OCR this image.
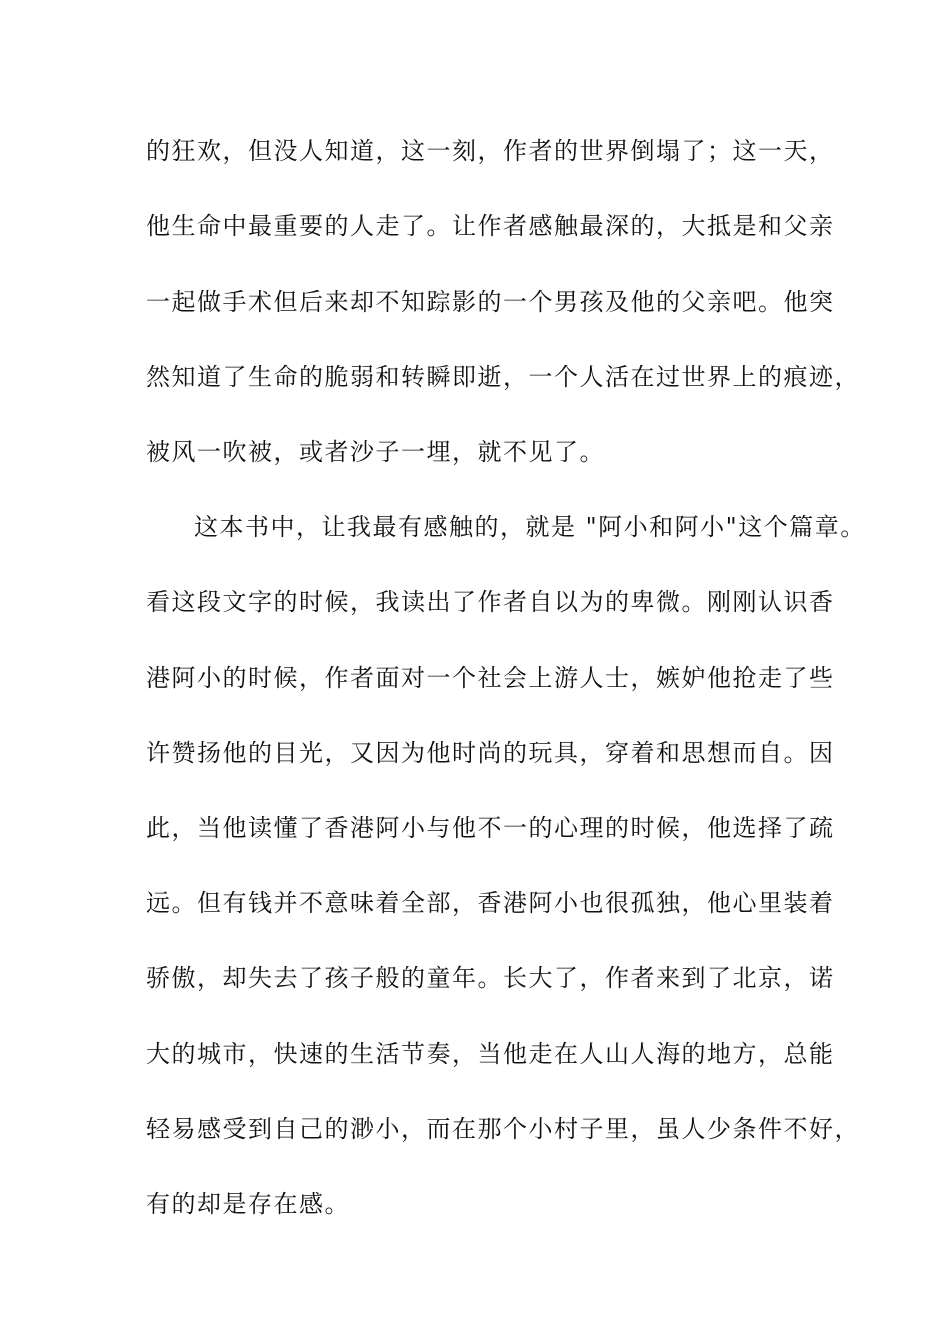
的狂欢，但没人知道，这一刻，作者的世界倒塌了；这一天，
他生命中最重要的人走了。让作者感触最深的，大抵是和父亲
一起做手术但后来却不知踪影的一个男孩及他的父亲吧。他突
然知道了生命的脆弱和转瞬即逝，一个人活在过世界上的痕迹，
被风一吹被，或者沙子一埋，就不见了。
这本书中，让我最有感触的，就是 "阿小和阿小"这个篇章。
看这段文字的时候，我读出了作者自以为的卑微。刚刚认识香
港阿小的时候，作者面对一个社会上游人士，嫉妒他抢走了些
许赞扬他的目光，又因为他时尚的玩具，穿着和思想而自。因
此，当他读懂了香港阿小与他不一的心理的时候，他选择了疏
远。但有钱并不意味着全部，香港阿小也很孤独，他心里装着
骄傲，却失去了孩子般的童年。长大了，作者来到了北京，诺
大的城市，快速的生活节奏，当他走在人山人海的地方，总能
轻易感受到自己的渺小，而在那个小村子里，虽人少条件不好，
有的却是存在感。
